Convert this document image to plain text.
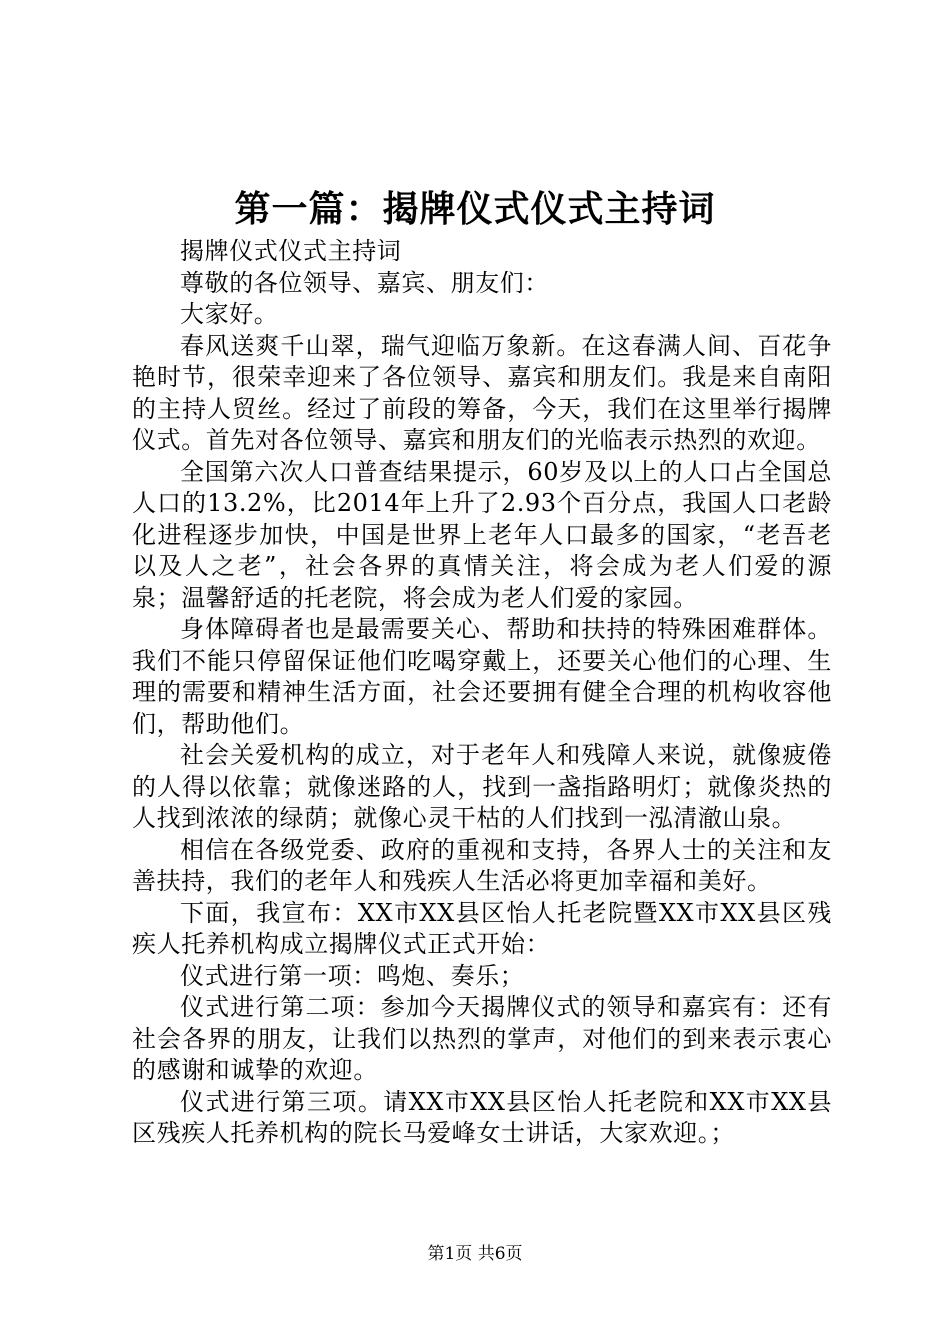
第一篇：揭牌仪式仪式主持词

揭牌仪式仪式主持词

尊敬的各位领导、嘉宾、朋友们：

大家好。

春风送爽千山翠，瑞气迎临万象新。在这春满人间、百花争艳时节，很荣幸迎来了各位领导、嘉宾和朋友们。我是来自南阳的主持人贸丝。经过了前段的筹备，今天，我们在这里举行揭牌仪式。首先对各位领导、嘉宾和朋友们的光临表示热烈的欢迎。

全国第六次人口普查结果提示，60岁及以上的人口占全国总人口的13.2%，比2014年上升了2.93个百分点，我国人口老龄化进程逐步加快，中国是世界上老年人口最多的国家，“老吾老以及人之老”，社会各界的真情关注，将会成为老人们爱的源泉；温馨舒适的托老院，将会成为老人们爱的家园。

身体障碍者也是最需要关心、帮助和扶持的特殊困难群体。我们不能只停留保证他们吃喝穿戴上，还要关心他们的心理、生理的需要和精神生活方面，社会还要拥有健全合理的机构收容他们，帮助他们。

社会关爱机构的成立，对于老年人和残障人来说，就像疲倦的人得以依靠；就像迷路的人，找到一盏指路明灯；就像炎热的人找到浓浓的绿荫；就像心灵干枯的人们找到一泓清澈山泉。

相信在各级党委、政府的重视和支持，各界人士的关注和友善扶持，我们的老年人和残疾人生活必将更加幸福和美好。

下面，我宣布：XX市XX县区怡人托老院暨XX市XX县区残疾人托养机构成立揭牌仪式正式开始：

仪式进行第一项：鸣炮、奏乐；

仪式进行第二项：参加今天揭牌仪式的领导和嘉宾有：还有社会各界的朋友，让我们以热烈的掌声，对他们的到来表示衷心的感谢和诚挚的欢迎。

仪式进行第三项。请XX市XX县区怡人托老院和XX市XX县区残疾人托养机构的院长马爱峰女士讲话，大家欢迎。；

第1页 共6页
